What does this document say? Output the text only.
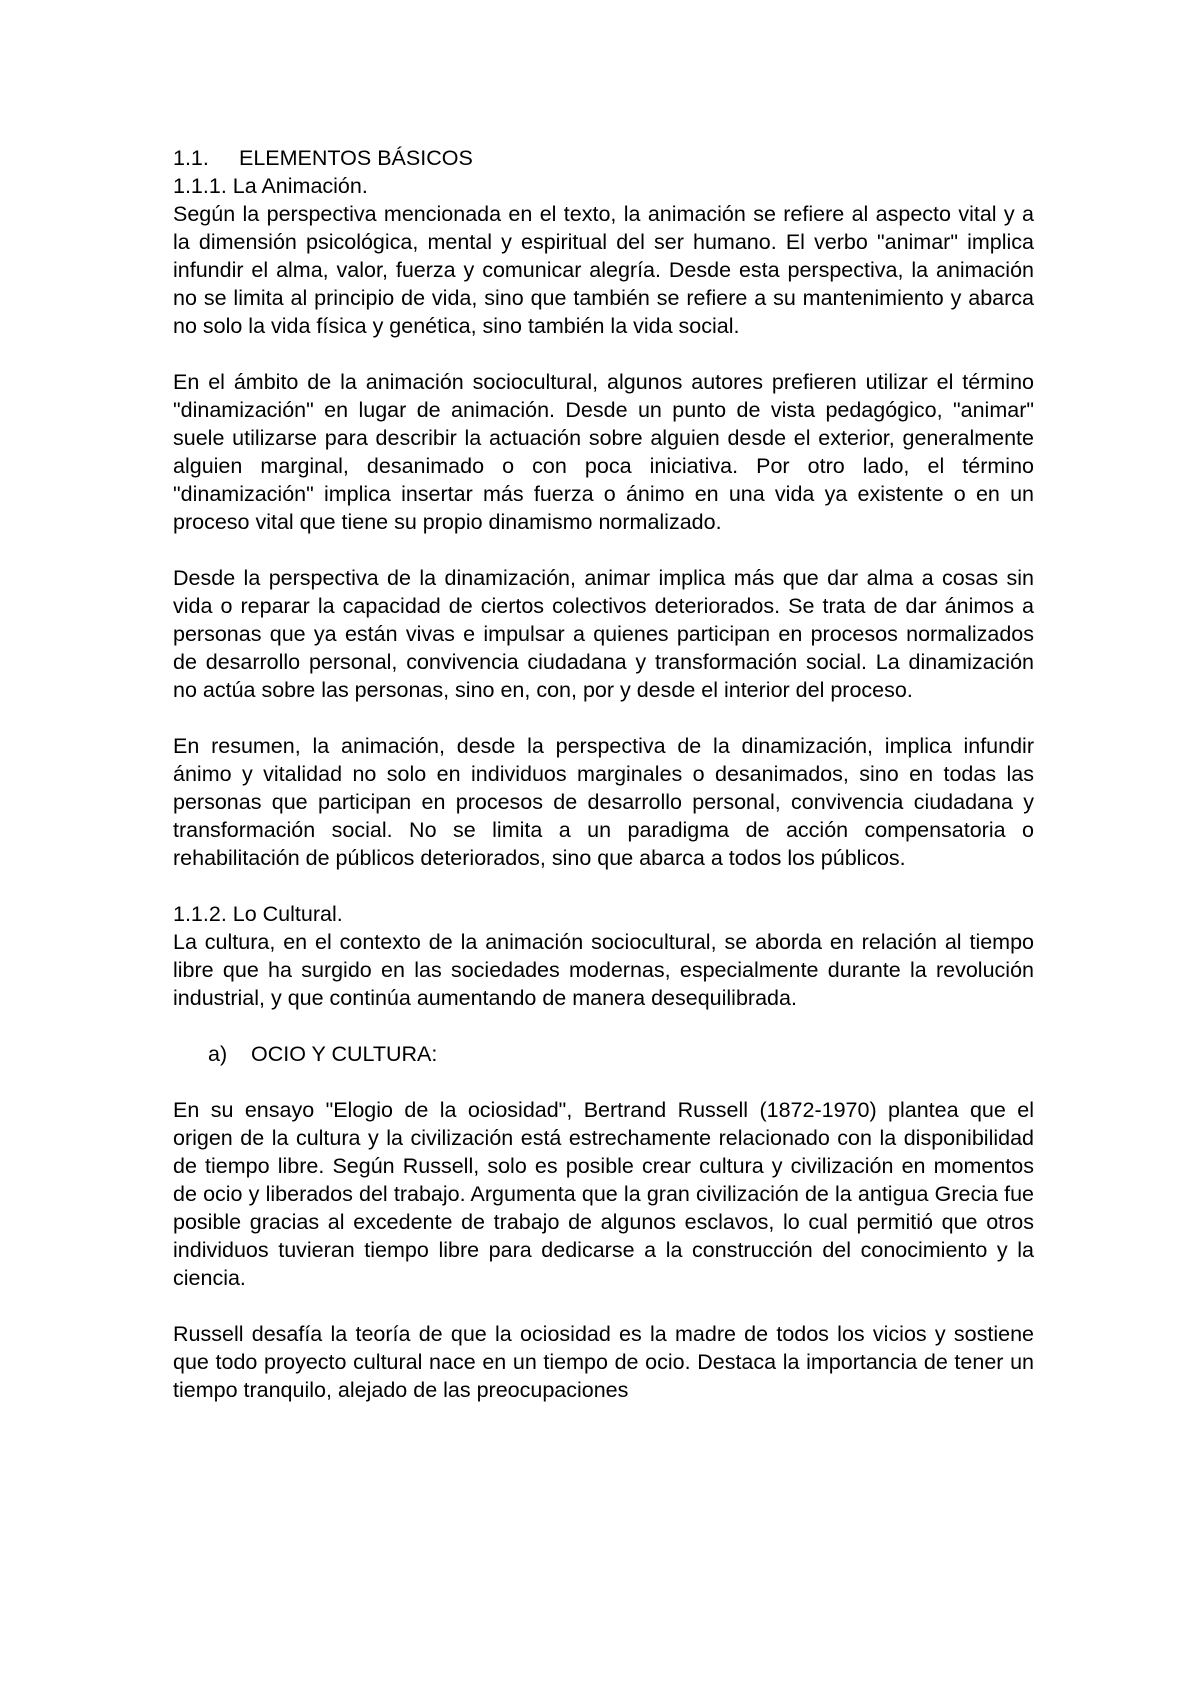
1.1. ELEMENTOS BÁSICOS

1.1.1. La Animación.

Según la perspectiva mencionada en el texto, la animación se refiere al aspecto vital y a la dimensión psicológica, mental y espiritual del ser humano. El verbo "animar" implica infundir el alma, valor, fuerza y comunicar alegría. Desde esta perspectiva, la animación no se limita al principio de vida, sino que también se refiere a su mantenimiento y abarca no solo la vida física y genética, sino también la vida social.

En el ámbito de la animación sociocultural, algunos autores prefieren utilizar el término "dinamización" en lugar de animación. Desde un punto de vista pedagógico, "animar" suele utilizarse para describir la actuación sobre alguien desde el exterior, generalmente alguien marginal, desanimado o con poca iniciativa. Por otro lado, el término "dinamización" implica insertar más fuerza o ánimo en una vida ya existente o en un proceso vital que tiene su propio dinamismo normalizado.

Desde la perspectiva de la dinamización, animar implica más que dar alma a cosas sin vida o reparar la capacidad de ciertos colectivos deteriorados. Se trata de dar ánimos a personas que ya están vivas e impulsar a quienes participan en procesos normalizados de desarrollo personal, convivencia ciudadana y transformación social. La dinamización no actúa sobre las personas, sino en, con, por y desde el interior del proceso.

En resumen, la animación, desde la perspectiva de la dinamización, implica infundir ánimo y vitalidad no solo en individuos marginales o desanimados, sino en todas las personas que participan en procesos de desarrollo personal, convivencia ciudadana y transformación social. No se limita a un paradigma de acción compensatoria o rehabilitación de públicos deteriorados, sino que abarca a todos los públicos.

1.1.2. Lo Cultural.

La cultura, en el contexto de la animación sociocultural, se aborda en relación al tiempo libre que ha surgido en las sociedades modernas, especialmente durante la revolución industrial, y que continúa aumentando de manera desequilibrada.

a) OCIO Y CULTURA:

En su ensayo "Elogio de la ociosidad", Bertrand Russell (1872-1970) plantea que el origen de la cultura y la civilización está estrechamente relacionado con la disponibilidad de tiempo libre. Según Russell, solo es posible crear cultura y civilización en momentos de ocio y liberados del trabajo. Argumenta que la gran civilización de la antigua Grecia fue posible gracias al excedente de trabajo de algunos esclavos, lo cual permitió que otros individuos tuvieran tiempo libre para dedicarse a la construcción del conocimiento y la ciencia.

Russell desafía la teoría de que la ociosidad es la madre de todos los vicios y sostiene que todo proyecto cultural nace en un tiempo de ocio. Destaca la importancia de tener un tiempo tranquilo, alejado de las preocupaciones
